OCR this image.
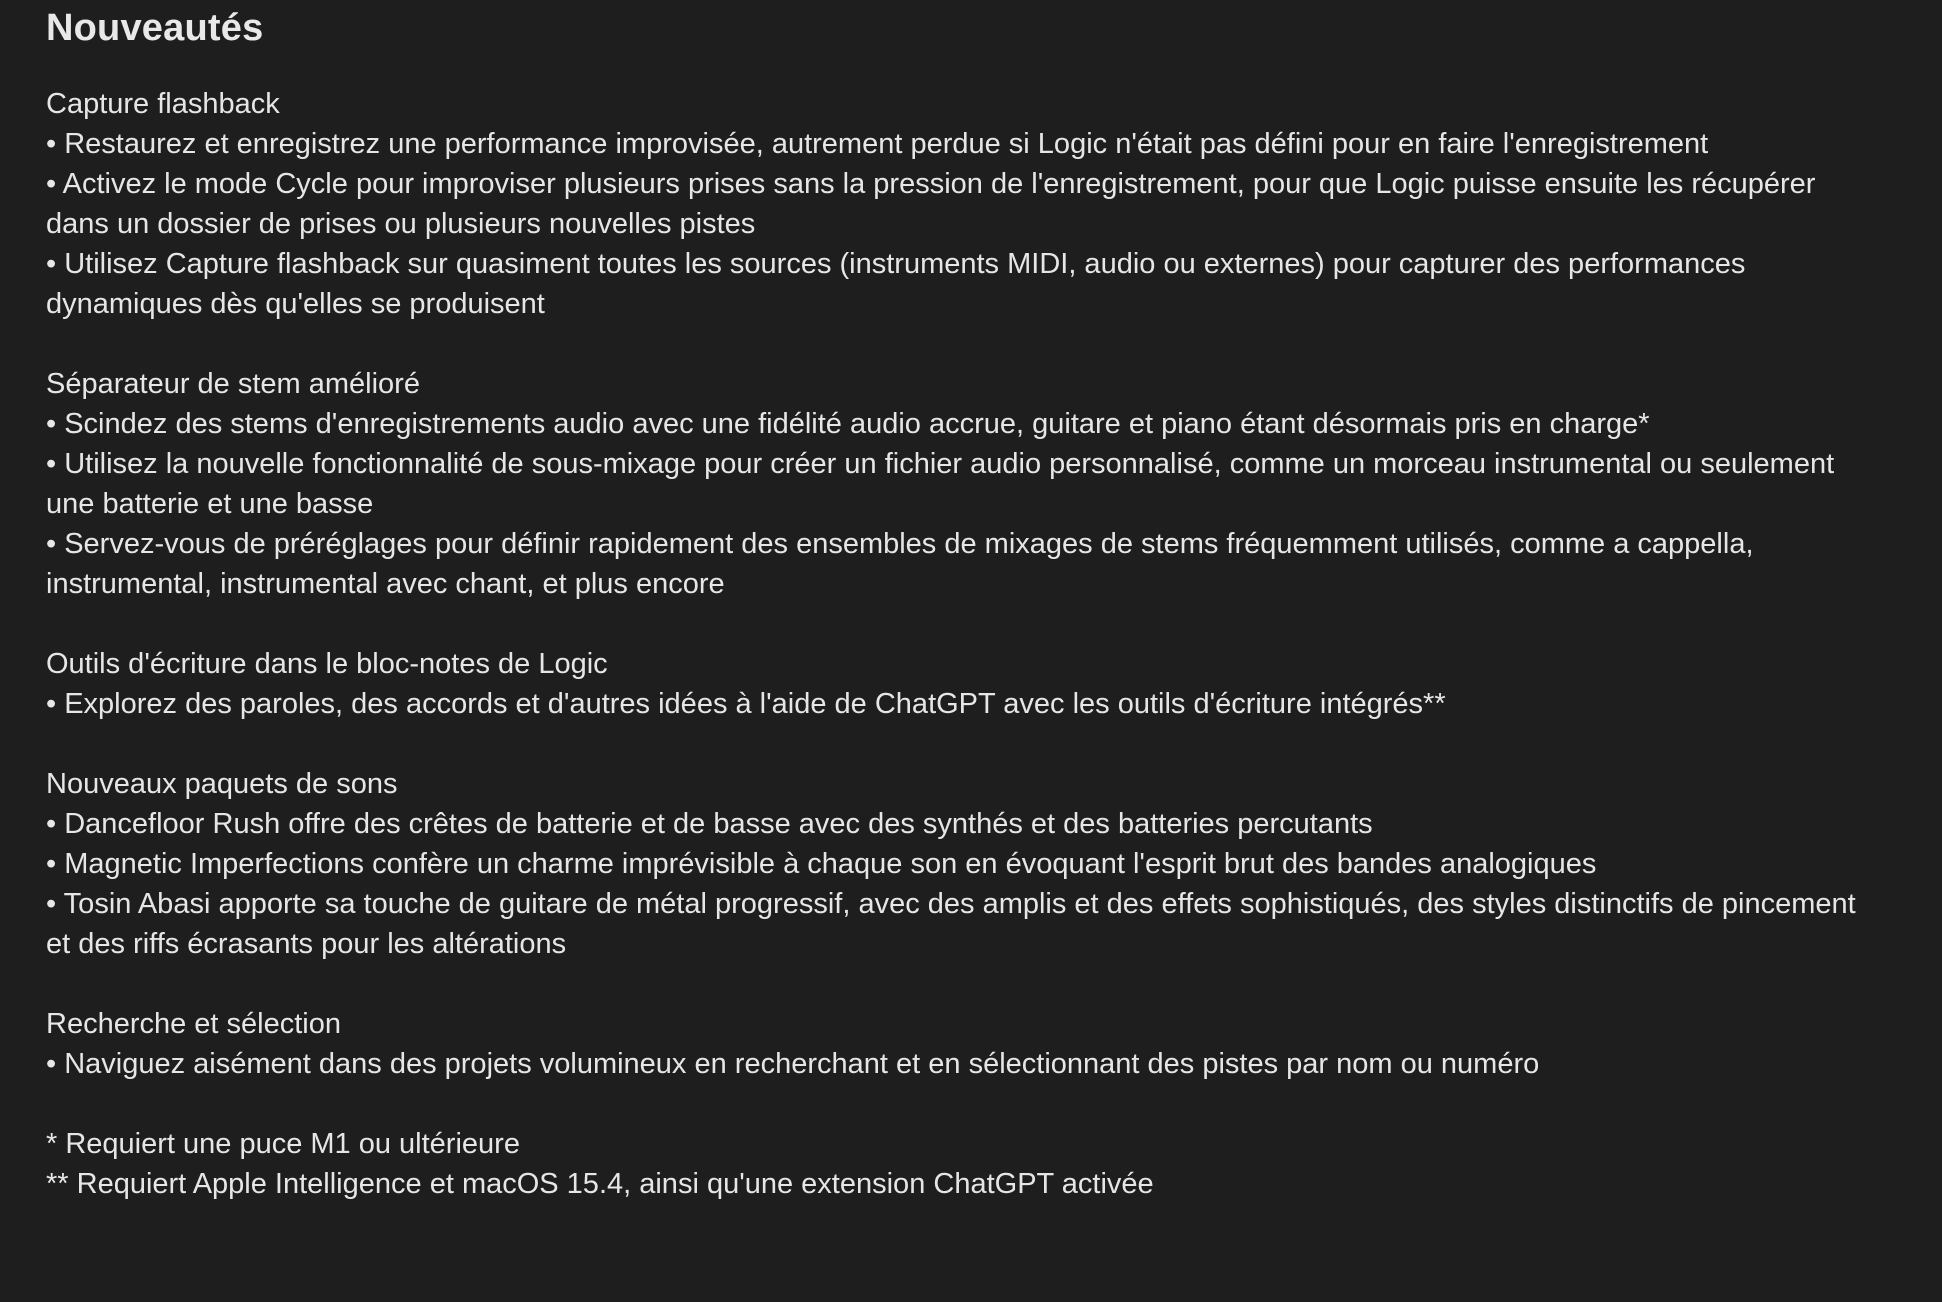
Nouveautés
Capture flashback
• Restaurez et enregistrez une performance improvisée, autrement perdue si Logic n'était pas défini pour en faire l'enregistrement
• Activez le mode Cycle pour improviser plusieurs prises sans la pression de l'enregistrement, pour que Logic puisse ensuite les récupérer dans un dossier de prises ou plusieurs nouvelles pistes
• Utilisez Capture flashback sur quasiment toutes les sources (instruments MIDI, audio ou externes) pour capturer des performances dynamiques dès qu'elles se produisent
Séparateur de stem amélioré
• Scindez des stems d'enregistrements audio avec une fidélité audio accrue, guitare et piano étant désormais pris en charge*
• Utilisez la nouvelle fonctionnalité de sous-mixage pour créer un fichier audio personnalisé, comme un morceau instrumental ou seulement une batterie et une basse
• Servez-vous de préréglages pour définir rapidement des ensembles de mixages de stems fréquemment utilisés, comme a cappella, instrumental, instrumental avec chant, et plus encore
Outils d'écriture dans le bloc-notes de Logic
• Explorez des paroles, des accords et d'autres idées à l'aide de ChatGPT avec les outils d'écriture intégrés**
Nouveaux paquets de sons
• Dancefloor Rush offre des crêtes de batterie et de basse avec des synthés et des batteries percutants
• Magnetic Imperfections confère un charme imprévisible à chaque son en évoquant l'esprit brut des bandes analogiques
• Tosin Abasi apporte sa touche de guitare de métal progressif, avec des amplis et des effets sophistiqués, des styles distinctifs de pincement et des riffs écrasants pour les altérations
Recherche et sélection
• Naviguez aisément dans des projets volumineux en recherchant et en sélectionnant des pistes par nom ou numéro
* Requiert une puce M1 ou ultérieure
** Requiert Apple Intelligence et macOS 15.4, ainsi qu'une extension ChatGPT activée
